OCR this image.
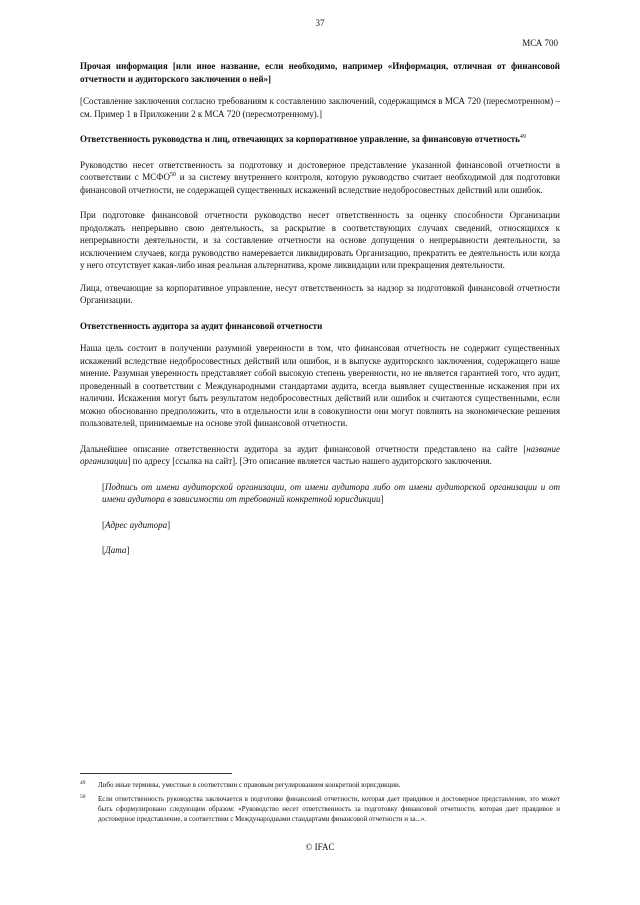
37
МСА 700

Прочая информация [или иное название, если необходимо, например «Информация, отличная от финансовой отчетности и аудиторского заключения о ней»]

[Составление заключения согласно требованиям к составлению заключений, содержащимся в МСА 720 (пересмотренном) – см. Пример 1 в Приложении 2 к МСА 720 (пересмотренному).]

Ответственность руководства и лиц, отвечающих за корпоративное управление, за финансовую отчетность$^{49}$

Руководство несет ответственность за подготовку и достоверное представление указанной финансовой отчетности в соответствии с МСФО$^{50}$ и за систему внутреннего контроля, которую руководство считает необходимой для подготовки финансовой отчетности, не содержащей существенных искажений вследствие недобросовестных действий или ошибок.

При подготовке финансовой отчетности руководство несет ответственность за оценку способности Организации продолжать непрерывно свою деятельность, за раскрытие в соответствующих случаях сведений, относящихся к непрерывности деятельности, и за составление отчетности на основе допущения о непрерывности деятельности, за исключением случаев, когда руководство намеревается ликвидировать Организацию, прекратить ее деятельность или когда у него отсутствует какая-либо иная реальная альтернатива, кроме ликвидации или прекращения деятельности.

Лица, отвечающие за корпоративное управление, несут ответственность за надзор за подготовкой финансовой отчетности Организации.

Ответственность аудитора за аудит финансовой отчетности

Наша цель состоит в получении разумной уверенности в том, что финансовая отчетность не содержит существенных искажений вследствие недобросовестных действий или ошибок, и в выпуске аудиторского заключения, содержащего наше мнение. Разумная уверенность представляет собой высокую степень уверенности, но не является гарантией того, что аудит, проведенный в соответствии с Международными стандартами аудита, всегда выявляет существенные искажения при их наличии. Искажения могут быть результатом недобросовестных действий или ошибок и считаются существенными, если можно обоснованно предположить, что в отдельности или в совокупности они могут повлиять на экономические решения пользователей, принимаемые на основе этой финансовой отчетности.

Дальнейшее описание ответственности аудитора за аудит финансовой отчетности представлено на сайте [название организации] по адресу [ссылка на сайт]. [Это описание является частью нашего аудиторского заключения.

[Подпись от имени аудиторской организации, от имени аудитора либо от имени аудиторской организации и от имени аудитора в зависимости от требований конкретной юрисдикции]

[Адрес аудитора]

[Дата]

49 Либо иные термины, уместные в соответствии с правовым регулированием конкретной юрисдикции.
50 Если ответственность руководства заключается в подготовке финансовой отчетности, которая дает правдивое и достоверное представление, это может быть сформулировано следующим образом: «Руководство несет ответственность за подготовку финансовой отчетности, которая дает правдивое и достоверное представление, в соответствии с Международными стандартами финансовой отчетности и за...».
© IFAC
